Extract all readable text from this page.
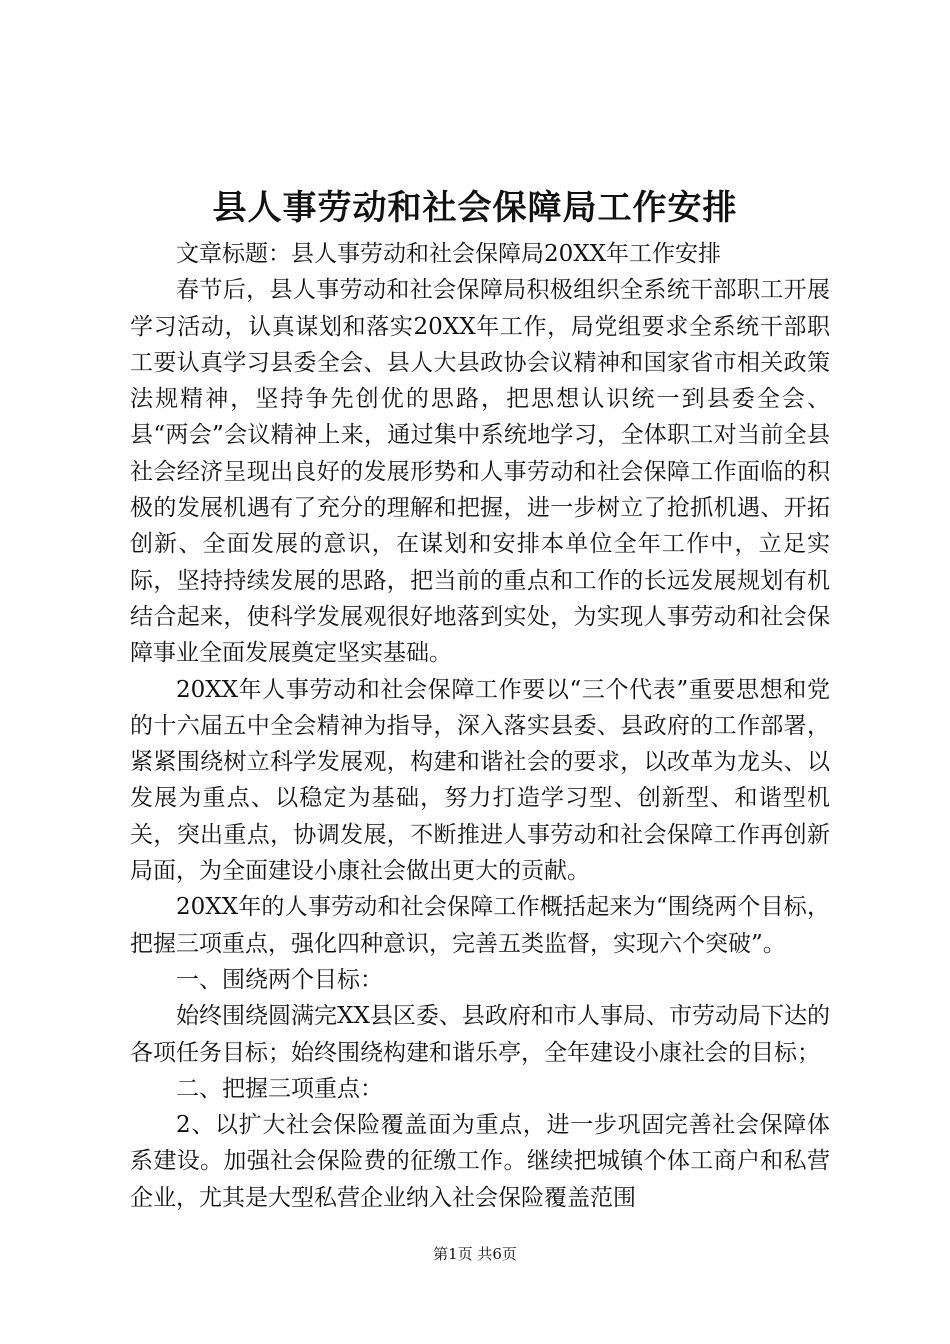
县人事劳动和社会保障局工作安排

文章标题：县人事劳动和社会保障局20XX年工作安排

春节后，县人事劳动和社会保障局积极组织全系统干部职工开展学习活动，认真谋划和落实20XX年工作，局党组要求全系统干部职工要认真学习县委全会、县人大县政协会议精神和国家省市相关政策法规精神，坚持争先创优的思路，把思想认识统一到县委全会、县“两会”会议精神上来，通过集中系统地学习，全体职工对当前全县社会经济呈现出良好的发展形势和人事劳动和社会保障工作面临的积极的发展机遇有了充分的理解和把握，进一步树立了抢抓机遇、开拓创新、全面发展的意识，在谋划和安排本单位全年工作中，立足实际，坚持持续发展的思路，把当前的重点和工作的长远发展规划有机结合起来，使科学发展观很好地落到实处，为实现人事劳动和社会保障事业全面发展奠定坚实基础。

20XX年人事劳动和社会保障工作要以“三个代表”重要思想和党的十六届五中全会精神为指导，深入落实县委、县政府的工作部署，紧紧围绕树立科学发展观，构建和谐社会的要求，以改革为龙头、以发展为重点、以稳定为基础，努力打造学习型、创新型、和谐型机关，突出重点，协调发展，不断推进人事劳动和社会保障工作再创新局面，为全面建设小康社会做出更大的贡献。

20XX年的人事劳动和社会保障工作概括起来为“围绕两个目标，把握三项重点，强化四种意识，完善五类监督，实现六个突破”。

一、围绕两个目标：

始终围绕圆满完XX县区委、县政府和市人事局、市劳动局下达的各项任务目标；始终围绕构建和谐乐亭，全年建设小康社会的目标；

二、把握三项重点：

2、以扩大社会保险覆盖面为重点，进一步巩固完善社会保障体系建设。加强社会保险费的征缴工作。继续把城镇个体工商户和私营企业，尤其是大型私营企业纳入社会保险覆盖范围

第1页 共6页
